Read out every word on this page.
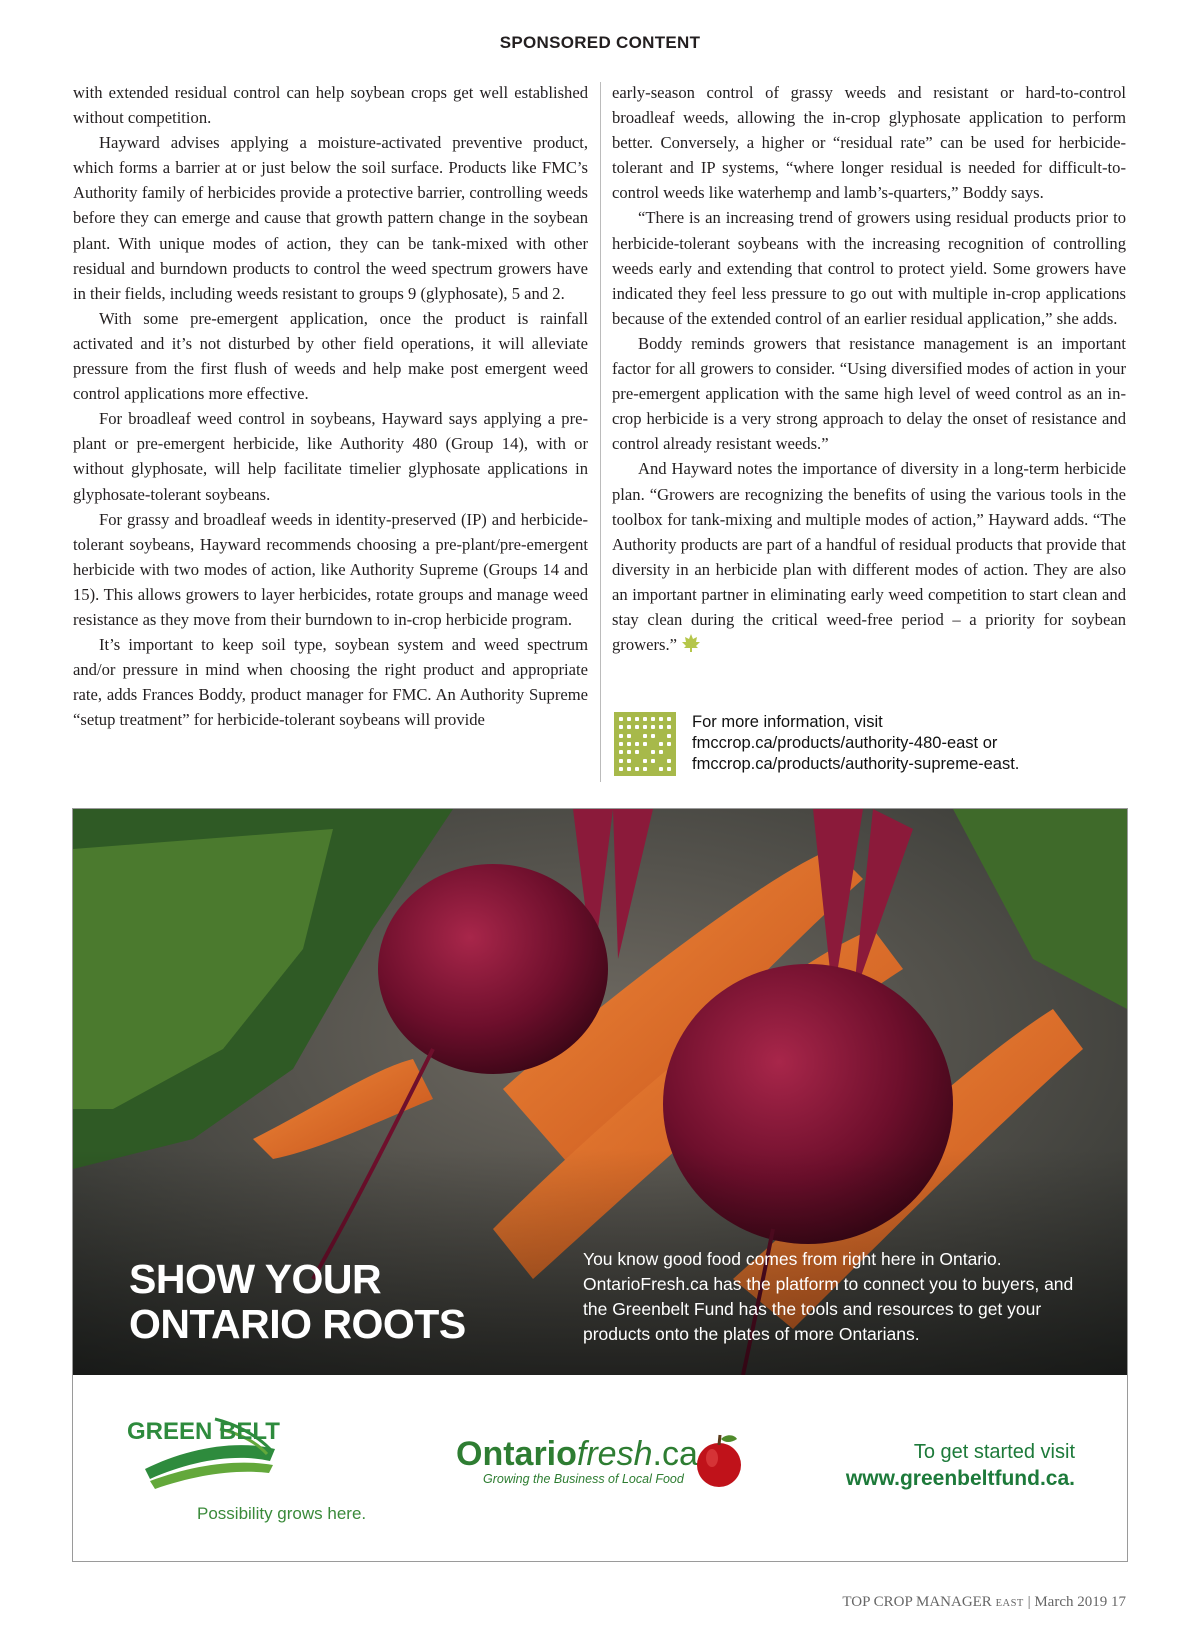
SPONSORED CONTENT

with extended residual control can help soybean crops get well established without competition.

Hayward advises applying a moisture-activated preventive product, which forms a barrier at or just below the soil surface. Products like FMC’s Authority family of herbicides provide a protective barrier, controlling weeds before they can emerge and cause that growth pattern change in the soybean plant. With unique modes of action, they can be tank-mixed with other residual and burndown products to control the weed spectrum growers have in their fields, including weeds resistant to groups 9 (glyphosate), 5 and 2.

With some pre-emergent application, once the product is rainfall activated and it’s not disturbed by other field operations, it will alleviate pressure from the first flush of weeds and help make post emergent weed control applications more effective.

For broadleaf weed control in soybeans, Hayward says applying a pre-plant or pre-emergent herbicide, like Authority 480 (Group 14), with or without glyphosate, will help facilitate timelier glyphosate applications in glyphosate-tolerant soybeans.

For grassy and broadleaf weeds in identity-preserved (IP) and herbicide-tolerant soybeans, Hayward recommends choosing a pre-plant/pre-emergent herbicide with two modes of action, like Authority Supreme (Groups 14 and 15). This allows growers to layer herbicides, rotate groups and manage weed resistance as they move from their burndown to in-crop herbicide program.

It’s important to keep soil type, soybean system and weed spectrum and/or pressure in mind when choosing the right product and appropriate rate, adds Frances Boddy, product manager for FMC. An Authority Supreme “setup treatment” for herbicide-tolerant soybeans will provide

early-season control of grassy weeds and resistant or hard-to-control broadleaf weeds, allowing the in-crop glyphosate application to perform better. Conversely, a higher or “residual rate” can be used for herbicide-tolerant and IP systems, “where longer residual is needed for difficult-to-control weeds like waterhemp and lamb’s-quarters,” Boddy says.

“There is an increasing trend of growers using residual products prior to herbicide-tolerant soybeans with the increasing recognition of controlling weeds early and extending that control to protect yield. Some growers have indicated they feel less pressure to go out with multiple in-crop applications because of the extended control of an earlier residual application,” she adds.

Boddy reminds growers that resistance management is an important factor for all growers to consider. “Using diversified modes of action in your pre-emergent application with the same high level of weed control as an in-crop herbicide is a very strong approach to delay the onset of resistance and control already resistant weeds.”

And Hayward notes the importance of diversity in a long-term herbicide plan. “Growers are recognizing the benefits of using the various tools in the toolbox for tank-mixing and multiple modes of action,” Hayward adds. “The Authority products are part of a handful of residual products that provide that diversity in an herbicide plan with different modes of action. They are also an important partner in eliminating early weed competition to start clean and stay clean during the critical weed-free period – a priority for soybean growers.”

For more information, visit
fmccrop.ca/products/authority-480-east or
fmccrop.ca/products/authority-supreme-east.
SHOW YOUR
ONTARIO ROOTS
You know good food comes from right here in Ontario. OntarioFresh.ca has the platform to connect you to buyers, and the Greenbelt Fund has the tools and resources to get your products onto the plates of more Ontarians.
GREEN BELT
Possibility grows here.
Ontariofresh.ca
Growing the Business of Local Food
To get started visit
www.greenbeltfund.ca.
TOP CROP MANAGER EAST | March 2019 17
